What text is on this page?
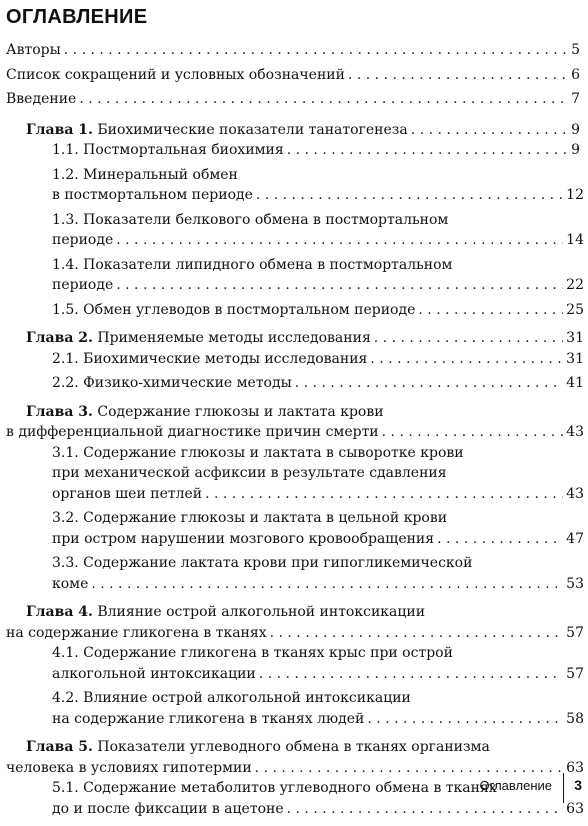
ОГЛАВЛЕНИЕ
Авторы . . .	5
Список сокращений и условных обозначений . . .	6
Введение . . .	7
Глава 1. Биохимические показатели танатогенеза . . .	9
1.1. Постмортальная биохимия . . .	9
1.2. Минеральный обмен
в постмортальном периоде . . .	12
1.3. Показатели белкового обмена в постмортальном
периоде . . .	14
1.4. Показатели липидного обмена в постмортальном
периоде . . .	22
1.5. Обмен углеводов в постмортальном периоде . . .	25
Глава 2. Применяемые методы исследования . . .	31
2.1. Биохимические методы исследования . . .	31
2.2. Физико-химические методы . . .	41
Глава 3. Содержание глюкозы и лактата крови
в дифференциальной диагностике причин смерти . . .	43
3.1. Содержание глюкозы и лактата в сыворотке крови
при механической асфиксии в результате сдавления
органов шеи петлей . . .	43
3.2. Содержание глюкозы и лактата в цельной крови
при остром нарушении мозгового кровообращения . . .	47
3.3. Содержание лактата крови при гипогликемической
коме . . .	53
Глава 4. Влияние острой алкогольной интоксикации
на содержание гликогена в тканях . . .	57
4.1. Содержание гликогена в тканях крыс при острой
алкогольной интоксикации . . .	57
4.2. Влияние острой алкогольной интоксикации
на содержание гликогена в тканях людей . . .	58
Глава 5. Показатели углеводного обмена в тканях организма
человека в условиях гипотермии . . .	63
5.1. Содержание метаболитов углеводного обмена в тканях
до и после фиксации в ацетоне . . .	63
Оглавление 3
